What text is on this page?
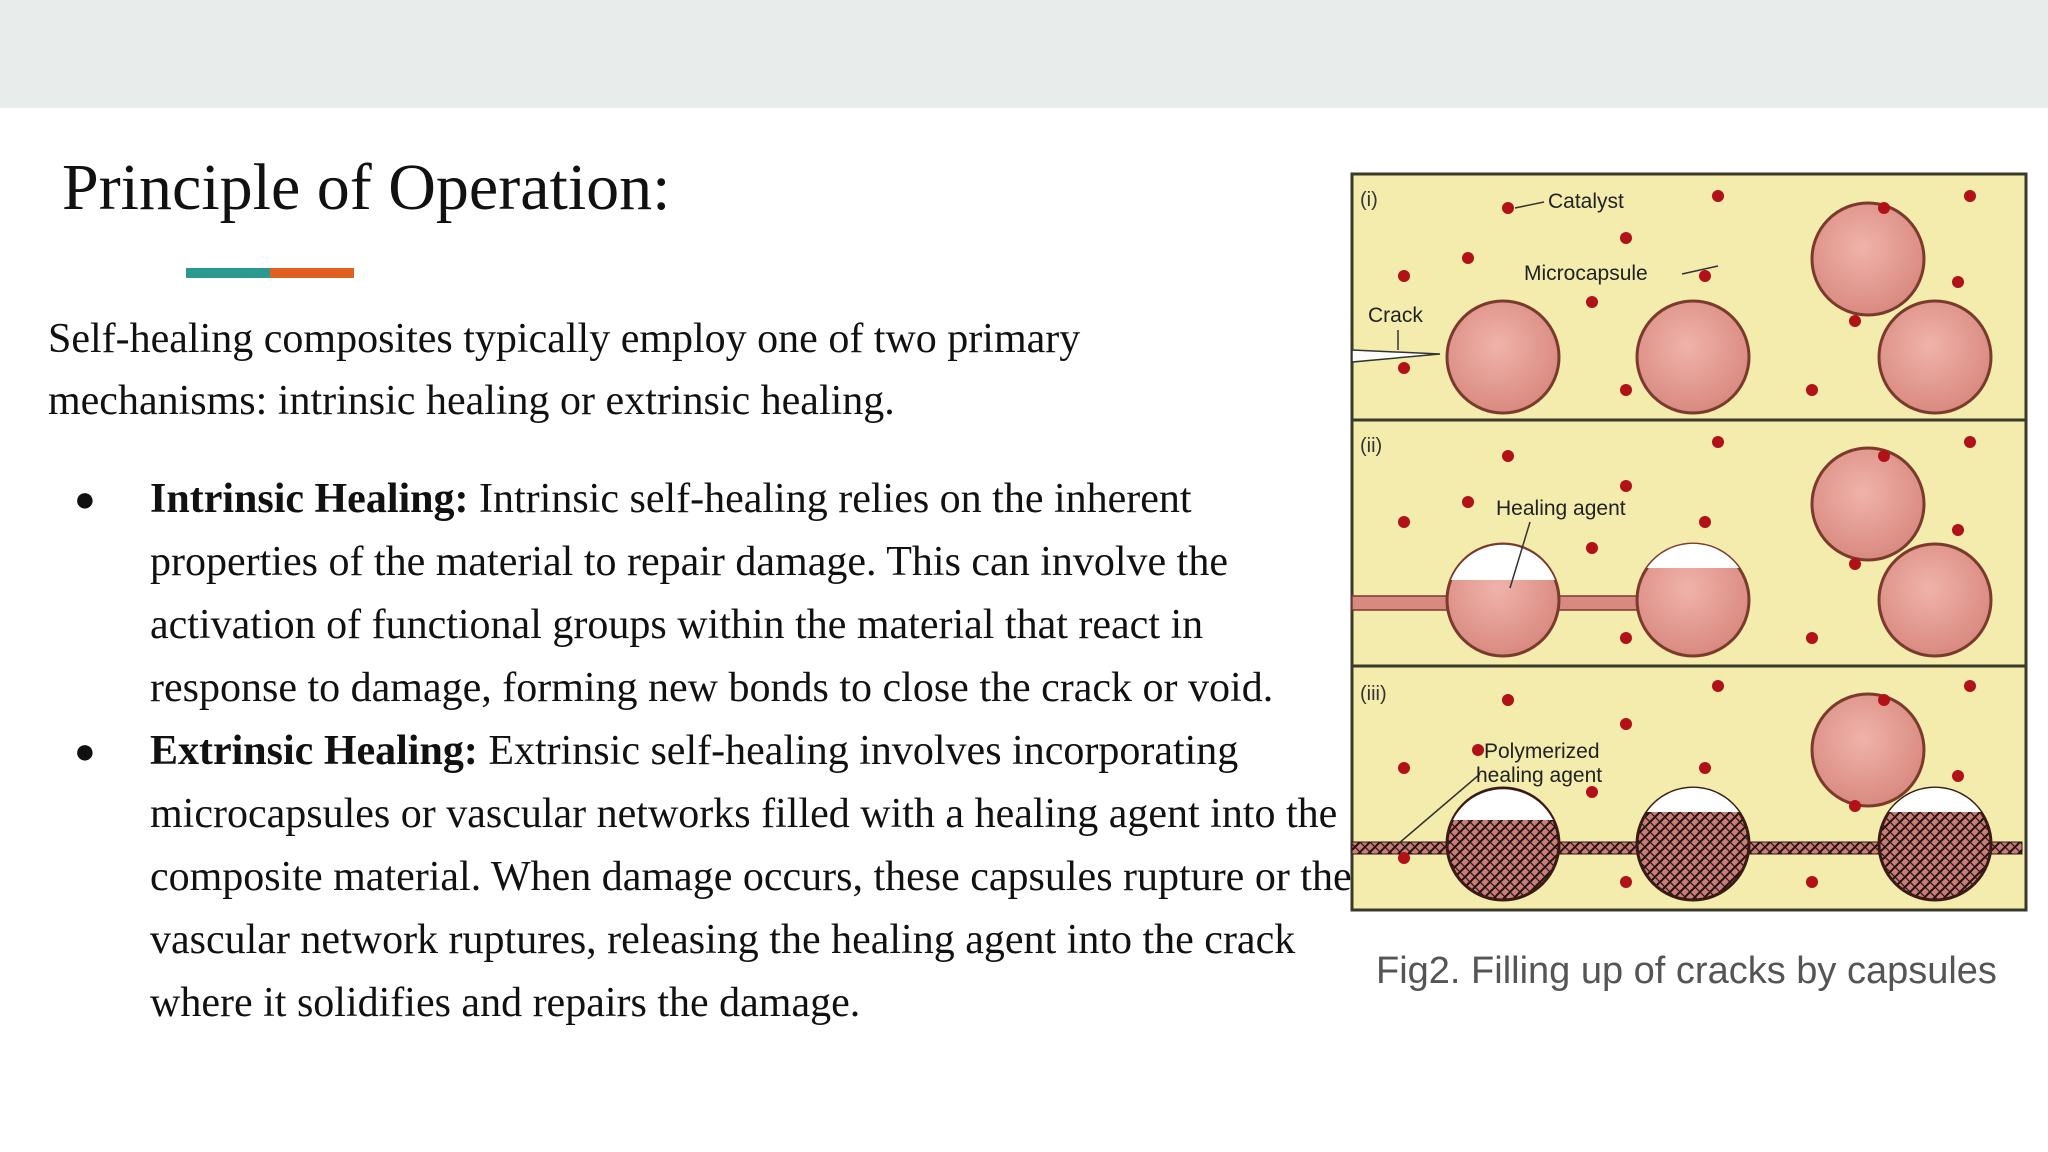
Principle of Operation:
Self-healing composites typically employ one of two primary mechanisms: intrinsic healing or extrinsic healing.
● Intrinsic Healing: Intrinsic self-healing relies on the inherent properties of the material to repair damage. This can involve the activation of functional groups within the material that react in response to damage, forming new bonds to close the crack or void.
● Extrinsic Healing: Extrinsic self-healing involves incorporating microcapsules or vascular networks filled with a healing agent into the composite material. When damage occurs, these capsules rupture or the vascular network ruptures, releasing the healing agent into the crack where it solidifies and repairs the damage.
(i)
Crack
Catalyst
Microcapsule
(ii)
Healing agent
(iii)
Polymerized
healing agent
Fig2. Filling up of cracks by capsules
